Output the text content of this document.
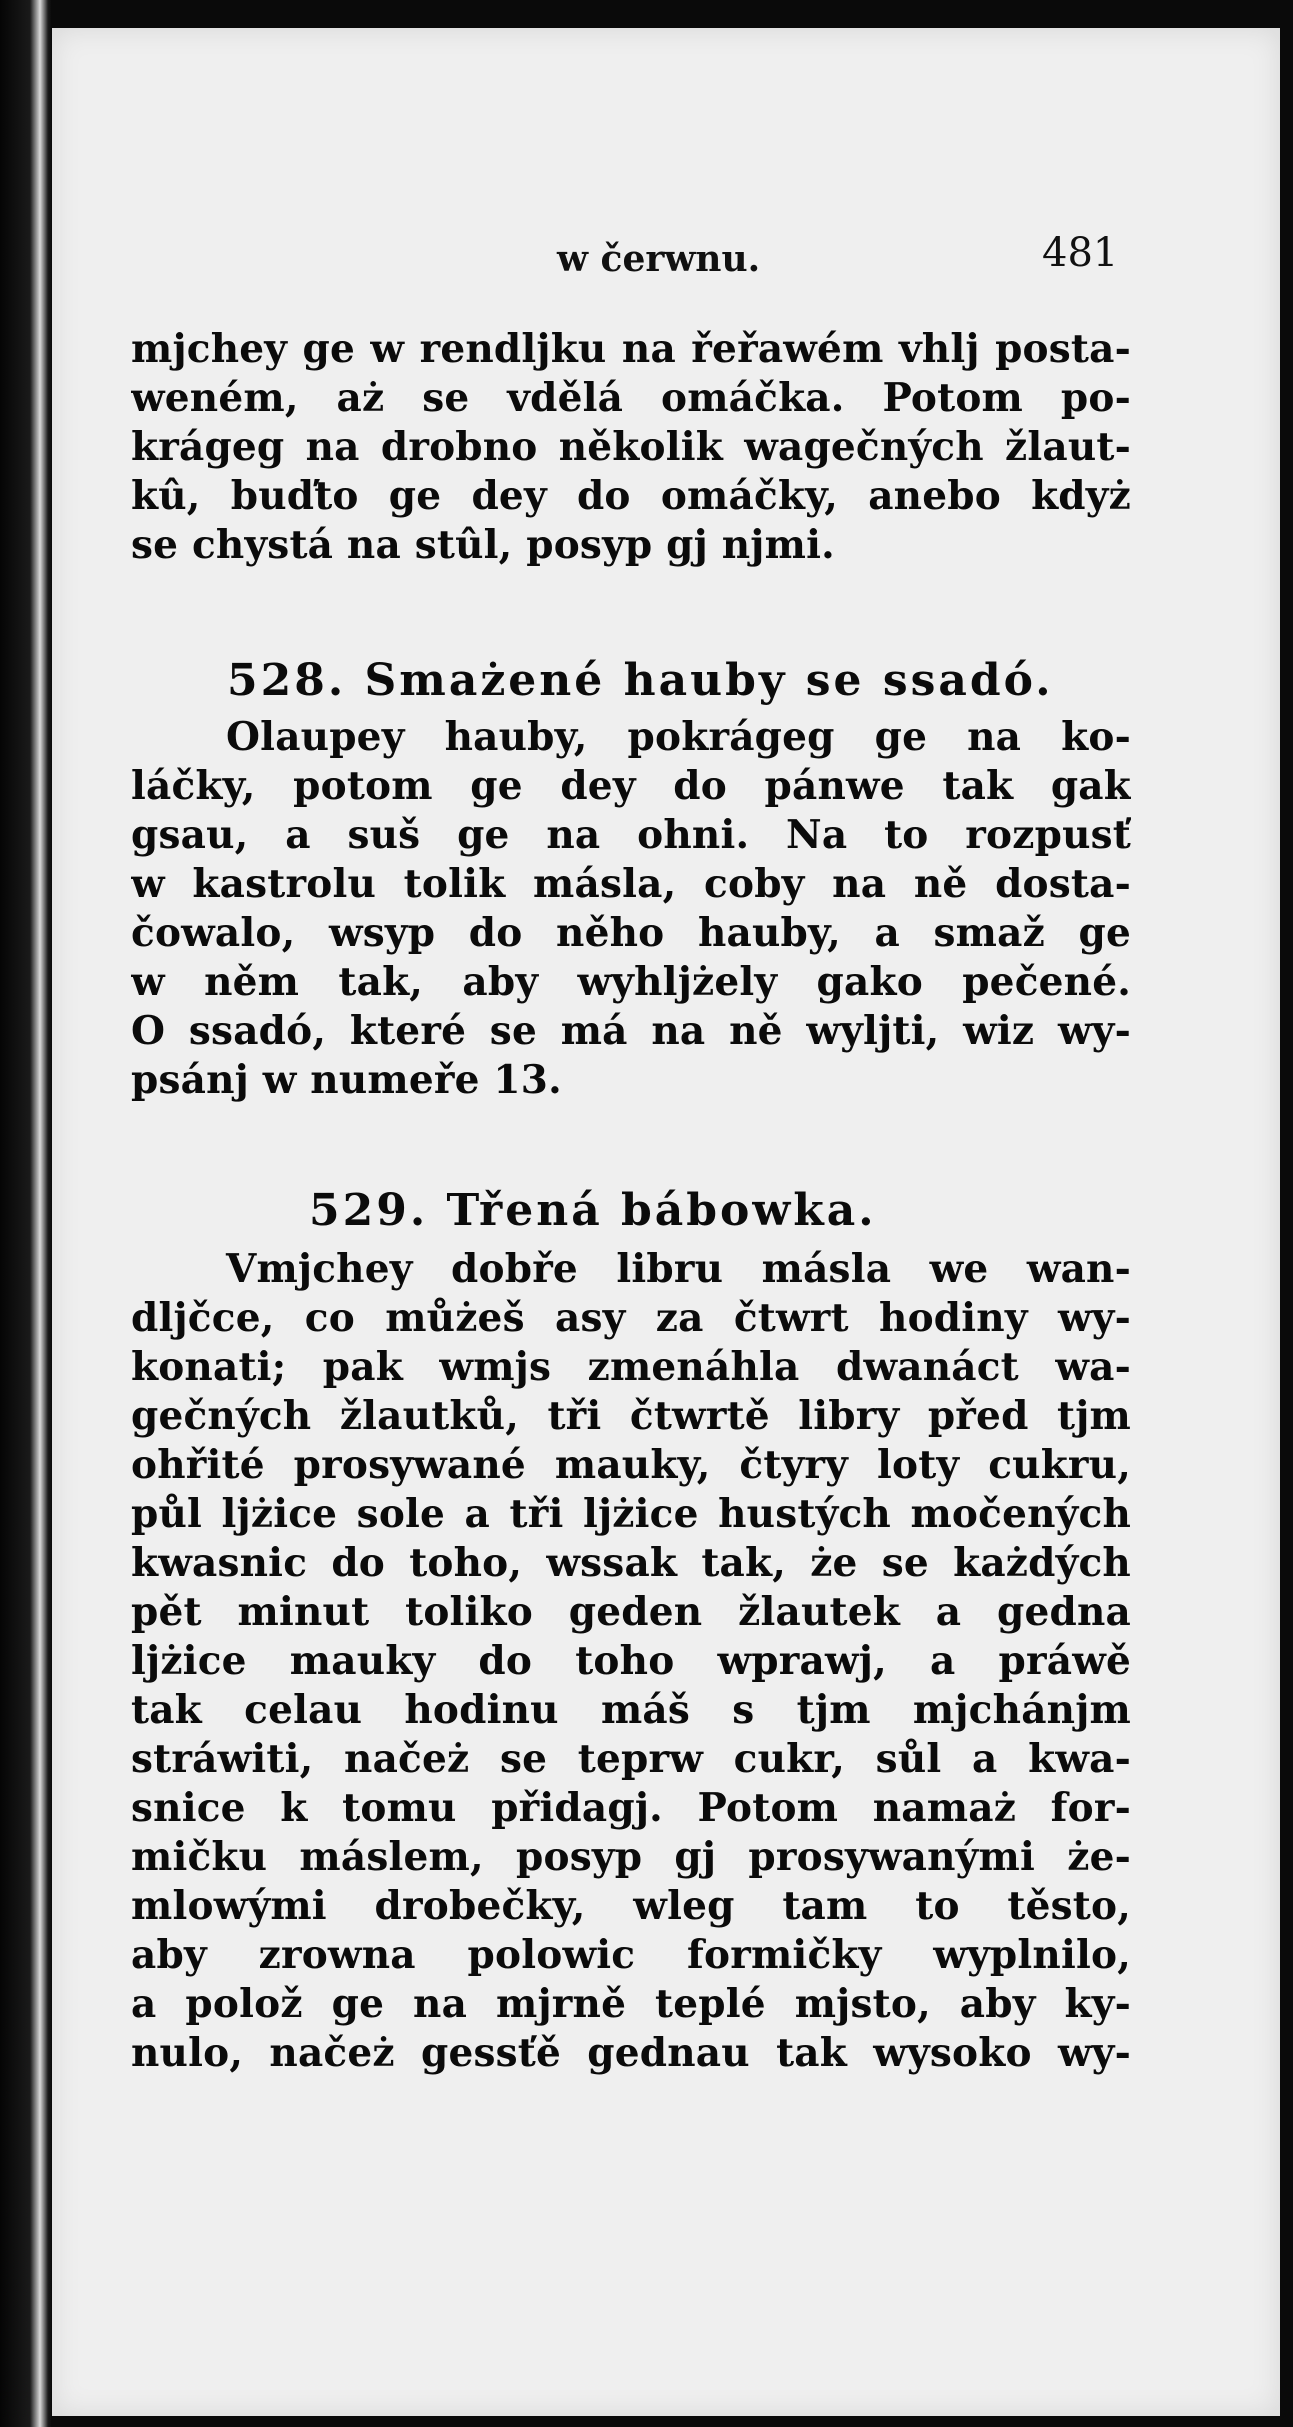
w čerwnu.	481
mjchey ge w rendljku na řeřawém vhlj posta-
weném, aż se vdělá omáčka. Potom po-
krágeg na drobno několik wagečných žlaut-
kû, buďto ge dey do omáčky, anebo kdyż
se chystá na stûl, posyp gj njmi.
528. Smażené hauby se ssadó.
Olaupey hauby, pokrágeg ge na ko-
láčky, potom ge dey do pánwe tak gak
gsau, a suš ge na ohni. Na to rozpusť
w kastrolu tolik másla, coby na ně dosta-
čowalo, wsyp do něho hauby, a smaž ge
w něm tak, aby wyhljżely gako pečené.
O ssadó, které se má na ně wyljti, wiz wy-
psánj w numeře 13.
529. Třená bábowka.
Vmjchey dobře libru másla we wan-
dljčce, co můżeš asy za čtwrt hodiny wy-
konati; pak wmjs zmenáhla dwanáct wa-
gečných žlautků, tři čtwrtě libry před tjm
ohřité prosywané mauky, čtyry loty cukru,
půl ljżice sole a tři ljżice hustých močených
kwasnic do toho, wssak tak, że se każdých
pět minut toliko geden žlautek a gedna
ljżice mauky do toho wprawj, a práwě
tak celau hodinu máš s tjm mjchánjm
stráwiti, načeż se teprw cukr, sůl a kwa-
snice k tomu přidagj. Potom namaż for-
mičku máslem, posyp gj prosywanými że-
mlowými drobečky, wleg tam to těsto,
aby zrowna polowic formičky wyplnilo,
a polož ge na mjrně teplé mjsto, aby ky-
nulo, načeż gessťě gednau tak wysoko wy-
